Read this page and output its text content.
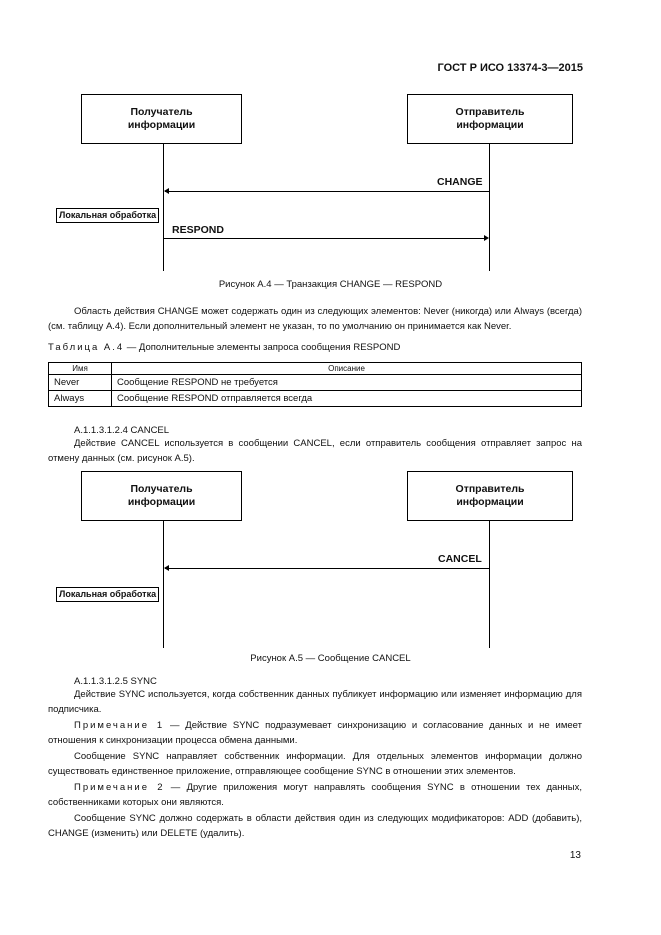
ГОСТ Р ИСО 13374-3—2015
Получатель информации
Отправитель информации
CHANGE
Локальная обработка
RESPOND
Рисунок А.4 — Транзакция CHANGE — RESPOND
Область действия CHANGE может содержать один из следующих элементов: Never (никогда) или Always (всегда) (см. таблицу А.4). Если дополнительный элемент не указан, то по умолчанию он принимается как Never.
Таблица А.4 — Дополнительные элементы запроса сообщения RESPOND
Имя	Описание
Never	Сообщение RESPOND не требуется
Always	Сообщение RESPOND отправляется всегда
А.1.1.3.1.2.4 CANCEL
Действие CANCEL используется в сообщении CANCEL, если отправитель сообщения отправляет запрос на отмену данных (см. рисунок А.5).
Получатель информации
Отправитель информации
CANCEL
Локальная обработка
Рисунок А.5 — Сообщение CANCEL
А.1.1.3.1.2.5 SYNC
Действие SYNC используется, когда собственник данных публикует информацию или изменяет информацию для подписчика.
Примечание 1 — Действие SYNC подразумевает синхронизацию и согласование данных и не имеет отношения к синхронизации процесса обмена данными.
Сообщение SYNC направляет собственник информации. Для отдельных элементов информации должно существовать единственное приложение, отправляющее сообщение SYNC в отношении этих элементов.
Примечание 2 — Другие приложения могут направлять сообщения SYNC в отношении тех данных, собственниками которых они являются.
Сообщение SYNC должно содержать в области действия один из следующих модификаторов: ADD (добавить), CHANGE (изменить) или DELETE (удалить).
13
